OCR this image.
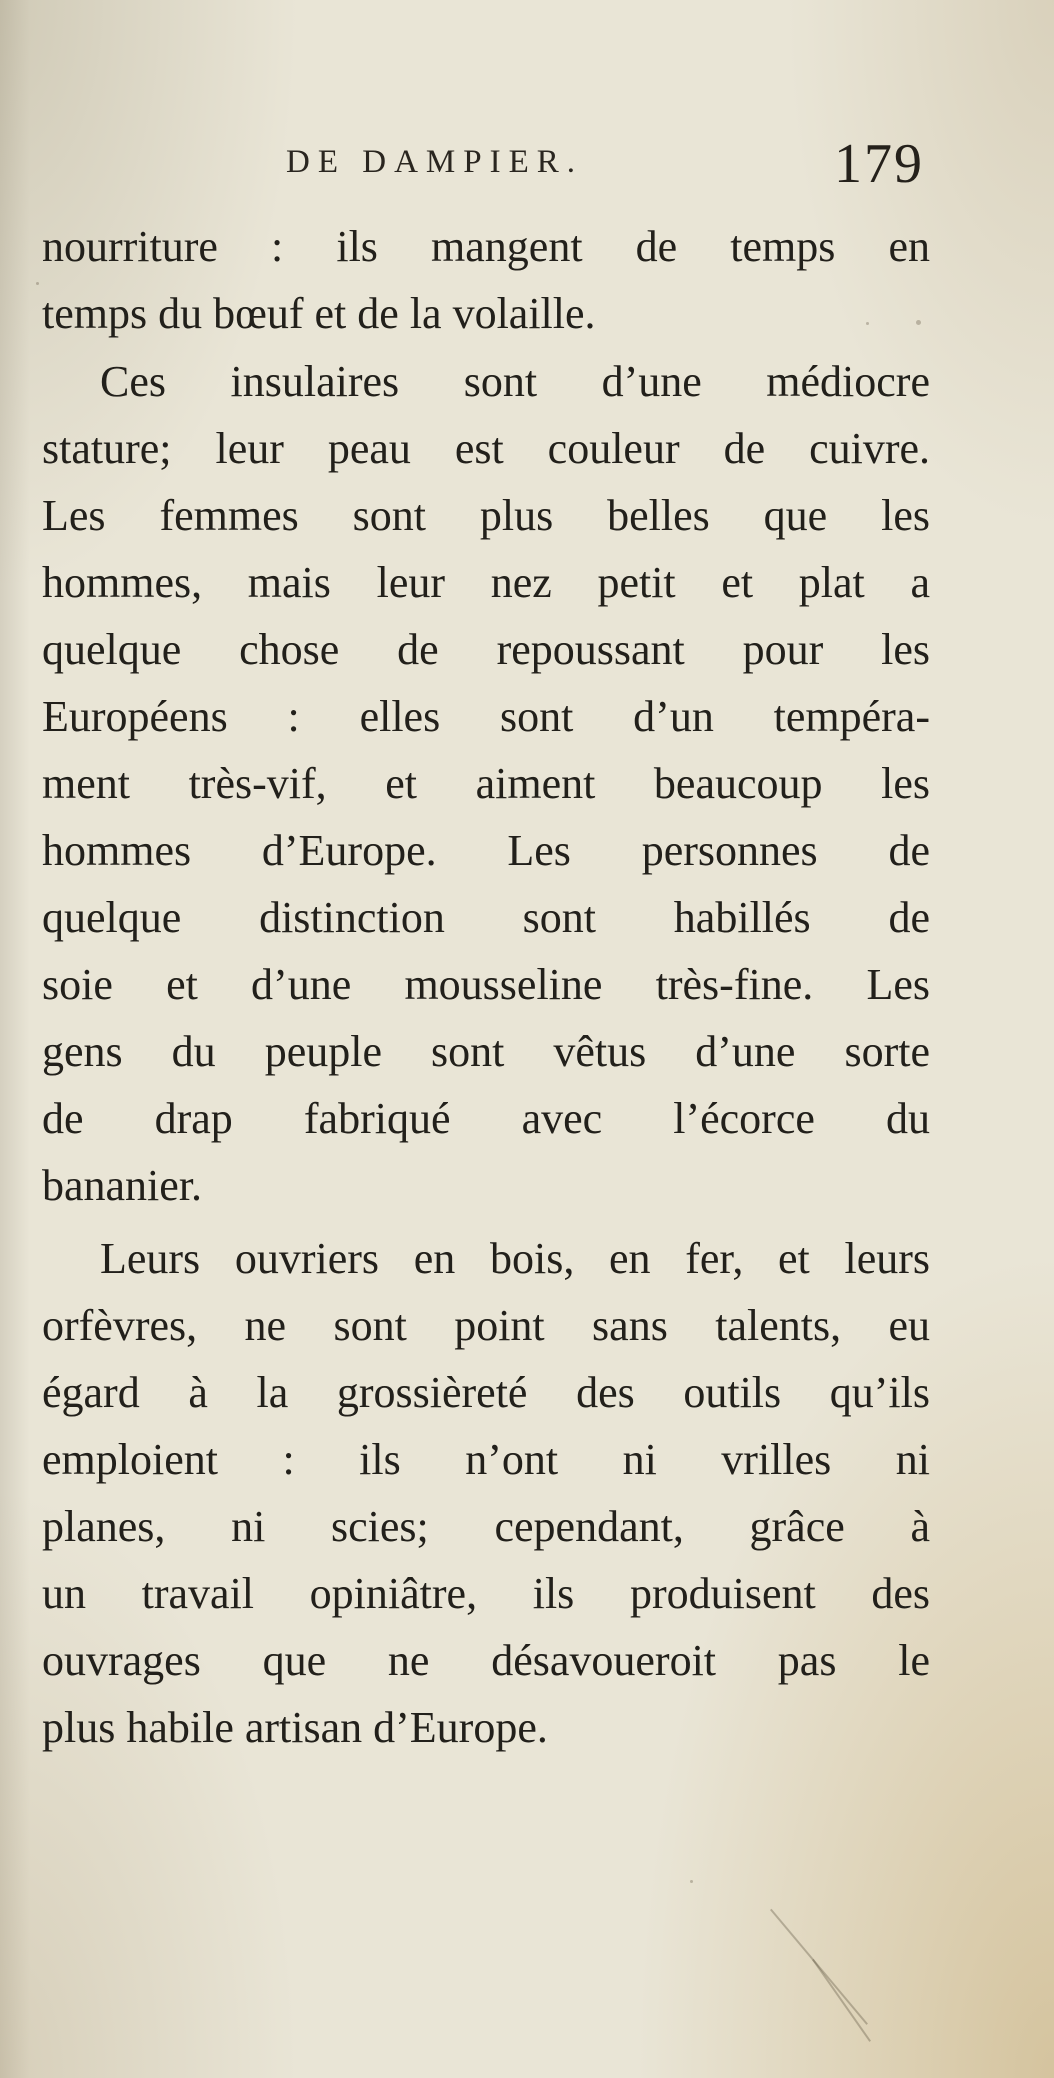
DE DAMPIER.	179
nourriture : ils mangent de temps en
temps du bœuf et de la volaille.
Ces insulaires sont d’une médiocre
stature; leur peau est couleur de cuivre.
Les femmes sont plus belles que les
hommes, mais leur nez petit et plat a
quelque chose de repoussant pour les
Européens : elles sont d’un tempéra-
ment très-vif, et aiment beaucoup les
hommes d’Europe. Les personnes de
quelque distinction sont habillés de
soie et d’une mousseline très-fine. Les
gens du peuple sont vêtus d’une sorte
de drap fabriqué avec l’écorce du
bananier.
Leurs ouvriers en bois, en fer, et leurs
orfèvres, ne sont point sans talents, eu
égard à la grossièreté des outils qu’ils
emploient : ils n’ont ni vrilles ni
planes, ni scies; cependant, grâce à
un travail opiniâtre, ils produisent des
ouvrages que ne désavoueroit pas le
plus habile artisan d’Europe.
